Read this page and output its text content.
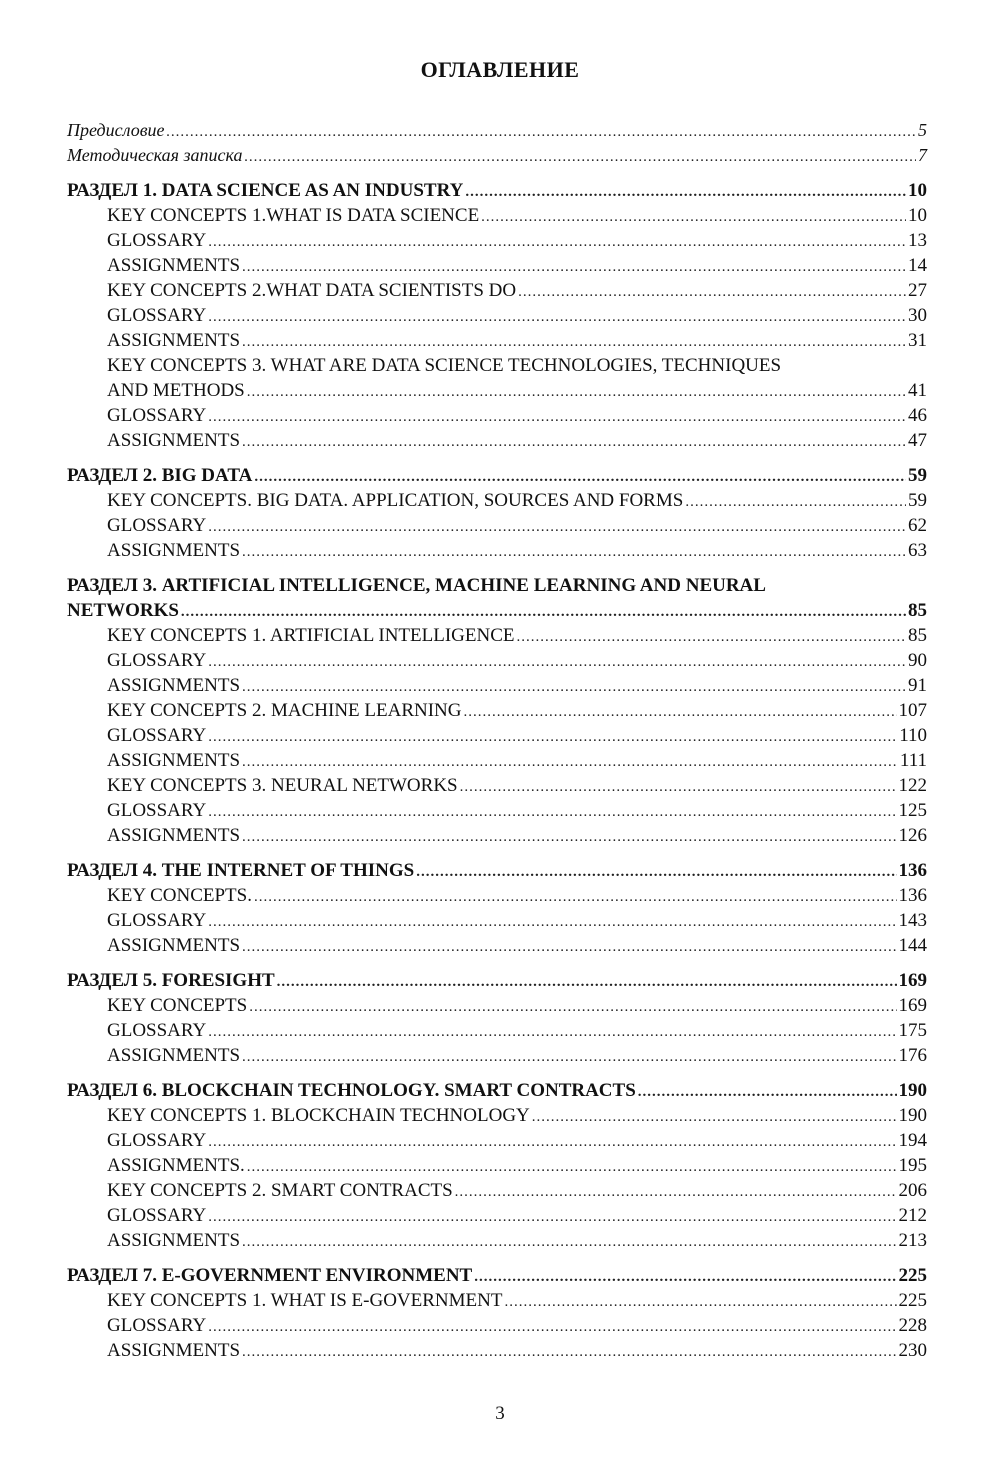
ОГЛАВЛЕНИЕ
Предисловие .....	5
Методическая записка .....	7
РАЗДЕЛ 1. DATA SCIENCE AS AN INDUSTRY .....	10
KEY CONCEPTS 1.WHAT IS DATA SCIENCE .....	10
GLOSSARY .....	13
ASSIGNMENTS .....	14
KEY CONCEPTS 2.WHAT DATA SCIENTISTS DO .....	27
GLOSSARY .....	30
ASSIGNMENTS .....	31
KEY CONCEPTS 3. WHAT ARE DATA SCIENCE TECHNOLOGIES, TECHNIQUES
AND METHODS .....	41
GLOSSARY .....	46
ASSIGNMENTS .....	47
РАЗДЕЛ 2. BIG DATA .....	59
KEY CONCEPTS. BIG DATA. APPLICATION, SOURCES AND FORMS .....	59
GLOSSARY .....	62
ASSIGNMENTS .....	63
РАЗДЕЛ 3. ARTIFICIAL INTELLIGENCE, MACHINE LEARNING AND NEURAL
NETWORKS .....	85
KEY CONCEPTS 1. ARTIFICIAL INTELLIGENCE .....	85
GLOSSARY .....	90
ASSIGNMENTS .....	91
KEY CONCEPTS 2. MACHINE LEARNING .....	107
GLOSSARY .....	110
ASSIGNMENTS .....	111
KEY CONCEPTS 3. NEURAL NETWORKS .....	122
GLOSSARY .....	125
ASSIGNMENTS .....	126
РАЗДЕЛ 4. THE INTERNET OF THINGS .....	136
KEY CONCEPTS. .....	136
GLOSSARY .....	143
ASSIGNMENTS .....	144
РАЗДЕЛ 5. FORESIGHT .....	169
KEY CONCEPTS .....	169
GLOSSARY .....	175
ASSIGNMENTS .....	176
РАЗДЕЛ 6. BLOCKCHAIN TECHNOLOGY. SMART CONTRACTS .....	190
KEY CONCEPTS 1. BLOCKCHAIN TECHNOLOGY .....	190
GLOSSARY .....	194
ASSIGNMENTS. .....	195
KEY CONCEPTS 2. SMART CONTRACTS .....	206
GLOSSARY .....	212
ASSIGNMENTS .....	213
РАЗДЕЛ 7. E-GOVERNMENT ENVIRONMENT .....	225
KEY CONCEPTS 1. WHAT IS E-GOVERNMENT .....	225
GLOSSARY .....	228
ASSIGNMENTS .....	230
3
